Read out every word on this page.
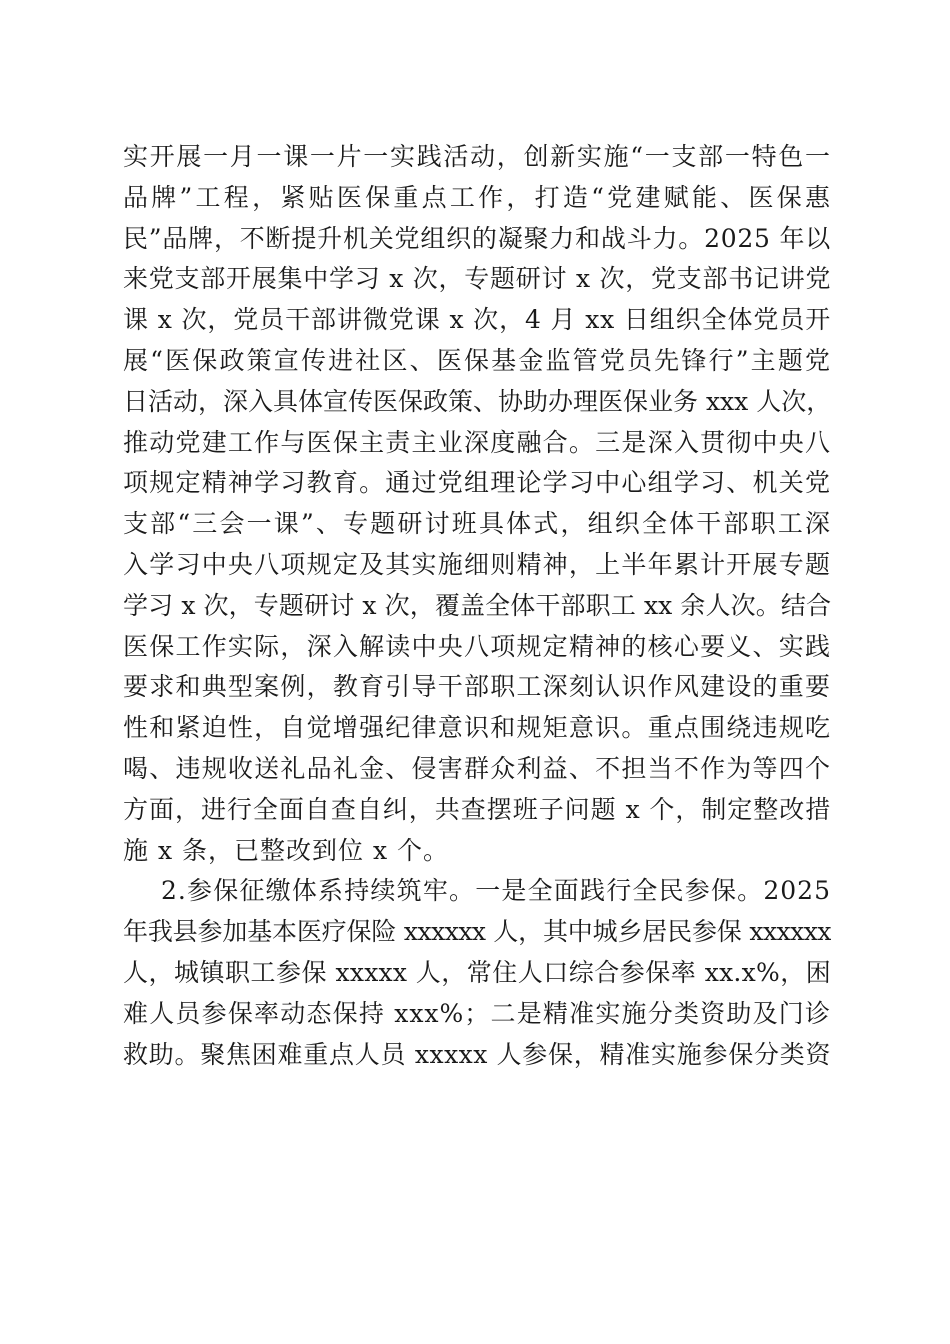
实开展一月一课一片一实践活动，创新实施“一支部一特色一
品牌”工程，紧贴医保重点工作，打造“党建赋能、医保惠
民”品牌，不断提升机关党组织的凝聚力和战斗力。2025 年以
来党支部开展集中学习 x 次，专题研讨 x 次，党支部书记讲党
课 x 次，党员干部讲微党课 x 次，4 月 xx 日组织全体党员开
展“医保政策宣传进社区、医保基金监管党员先锋行”主题党
日活动，深入具体宣传医保政策、协助办理医保业务 xxx 人次，
推动党建工作与医保主责主业深度融合。三是深入贯彻中央八
项规定精神学习教育。通过党组理论学习中心组学习、机关党
支部“三会一课”、专题研讨班具体式，组织全体干部职工深
入学习中央八项规定及其实施细则精神，上半年累计开展专题
学习 x 次，专题研讨 x 次，覆盖全体干部职工 xx 余人次。结合
医保工作实际，深入解读中央八项规定精神的核心要义、实践
要求和典型案例，教育引导干部职工深刻认识作风建设的重要
性和紧迫性，自觉增强纪律意识和规矩意识。重点围绕违规吃
喝、违规收送礼品礼金、侵害群众利益、不担当不作为等四个
方面，进行全面自查自纠，共查摆班子问题 x 个，制定整改措
施 x 条，已整改到位 x 个。
2.参保征缴体系持续筑牢。一是全面践行全民参保。2025
年我县参加基本医疗保险 xxxxxx 人，其中城乡居民参保 xxxxxx
人，城镇职工参保 xxxxx 人，常住人口综合参保率 xx.x%，困
难人员参保率动态保持 xxx%；二是精准实施分类资助及门诊
救助。聚焦困难重点人员 xxxxx 人参保，精准实施参保分类资
